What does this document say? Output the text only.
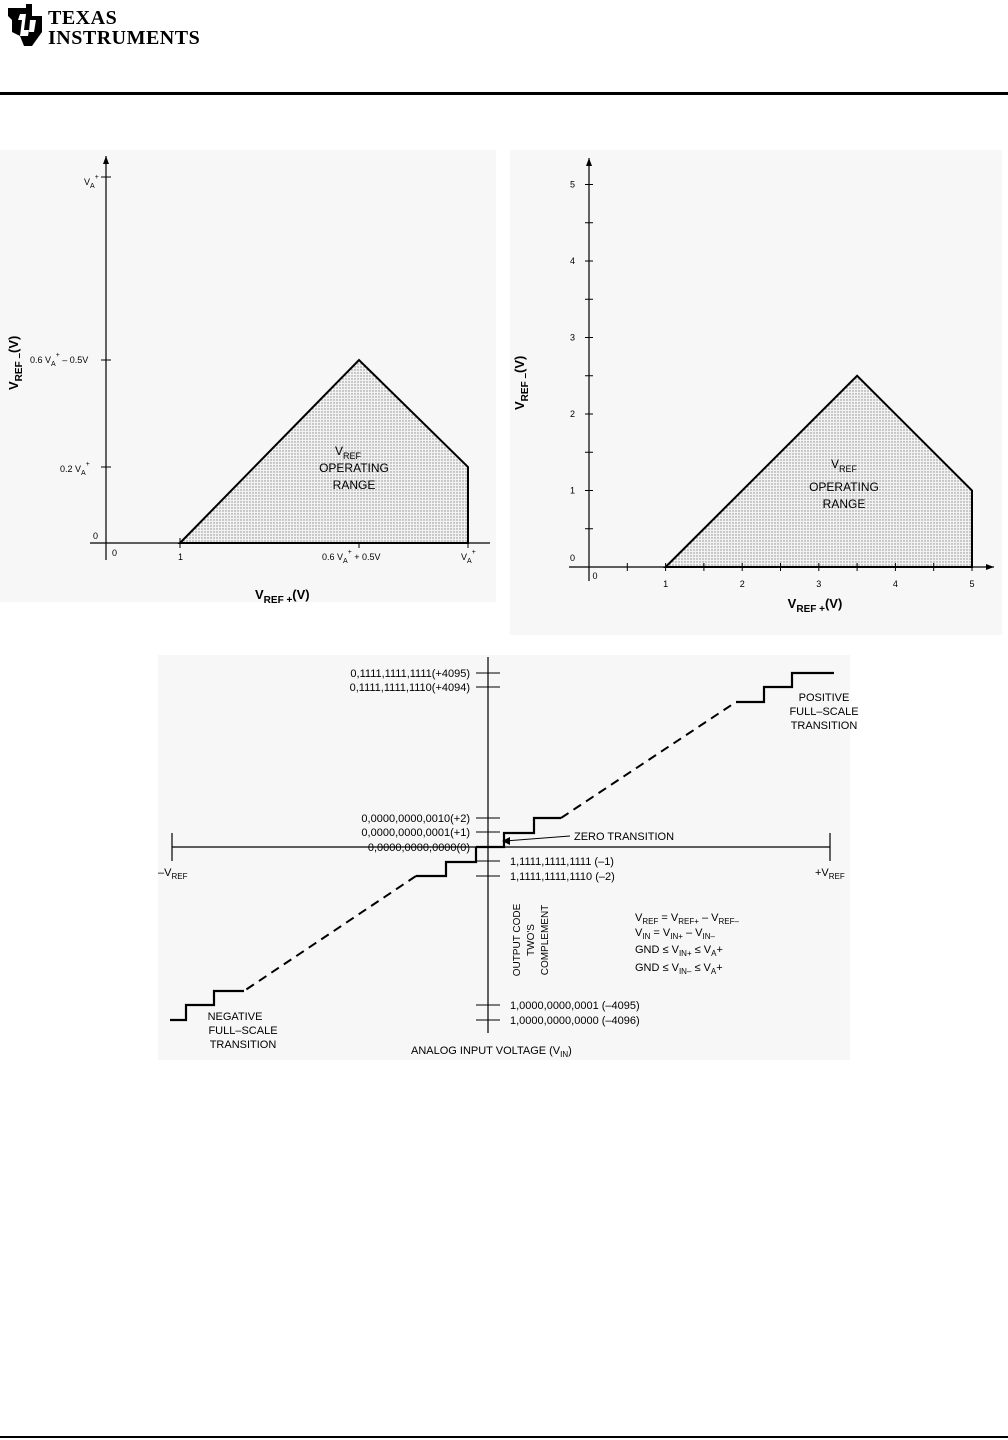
TEXAS
INSTRUMENTS
$V_A^+$
0.6 $V_A^+ - 0.5V$
0.2 $V_A^+$
0
0	1	0.6 $V_A^+ + 0.5V$	$V_A^+$
$V_{REF}$
OPERATING
RANGE
$V_{REF +}(V)$
$V_{REF -}(V)$
0
1
2
3
4
5
0
1	2	3	4	5
$V_{REF +}(V)$
$V_{REF -}(V)$
$V_{REF}$
OPERATING
RANGE
0,1111,1111,1111(+4095)
0,1111,1111,1110(+4094)
0,0000,0000,0010(+2)
0,0000,0000,0001(+1)
0,0000,0000,0000(0)
1,1111,1111,1111 (–1)
1,1111,1111,1110 (–2)
1,0000,0000,0001 (–4095)
1,0000,0000,0000 (–4096)
$-V_{REF}$	$+V_{REF}$
ZERO TRANSITION
POSITIVE
FULL–SCALE
TRANSITION
NEGATIVE
FULL–SCALE
TRANSITION
OUTPUT CODE TWO'S COMPLEMENT	$V_{REF} = V_{REF+} - V_{REF-}$
$V_{IN} = V_{IN+} - V_{IN-}$
GND ≤ $V_{IN+} \le V_A+$
GND ≤ $V_{IN-} \le V_A+$
ANALOG INPUT VOLTAGE $(V_{IN})$
